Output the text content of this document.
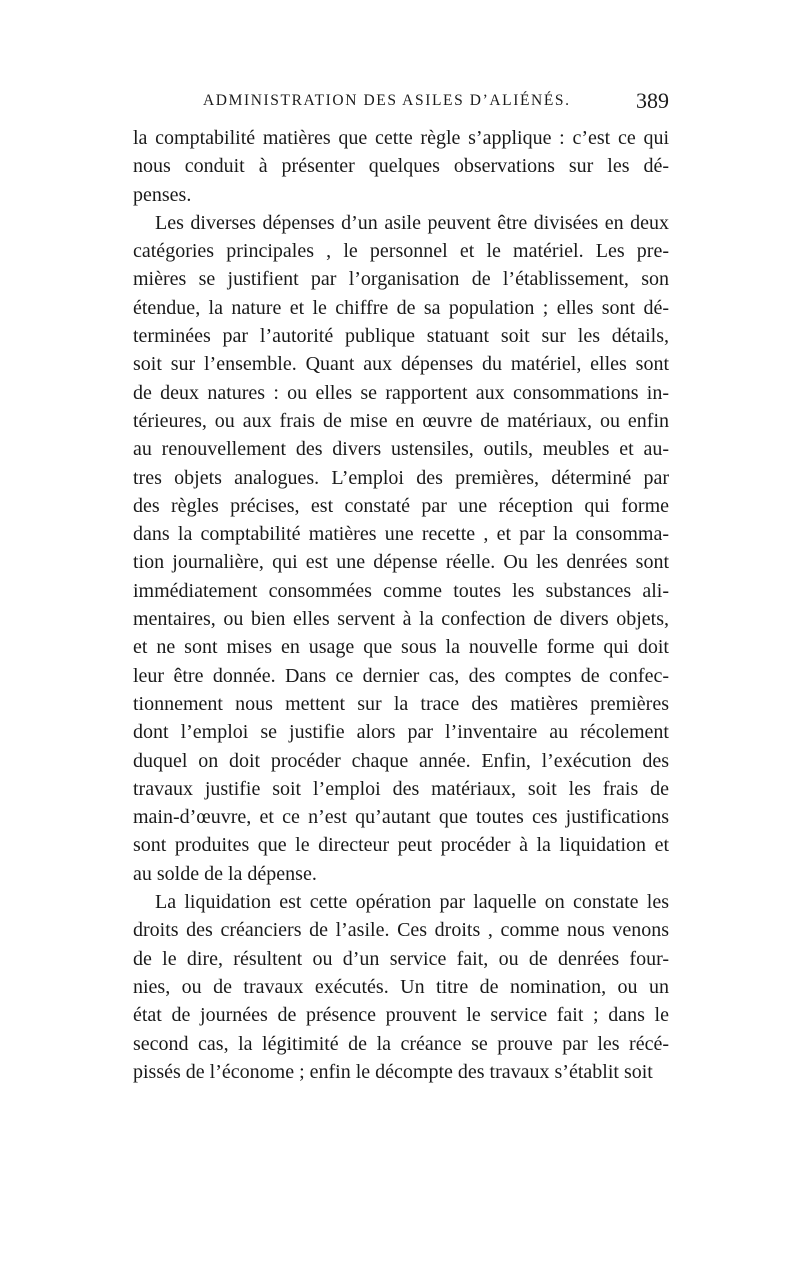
ADMINISTRATION DES ASILES D’ALIÉNÉS.	389
la comptabilité matières que cette règle s’applique : c’est ce qui
nous conduit à présenter quelques observations sur les dé-
penses.
Les diverses dépenses d’un asile peuvent être divisées en deux
catégories principales , le personnel et le matériel. Les pre-
mières se justifient par l’organisation de l’établissement, son
étendue, la nature et le chiffre de sa population ; elles sont dé-
terminées par l’autorité publique statuant soit sur les détails,
soit sur l’ensemble. Quant aux dépenses du matériel, elles sont
de deux natures : ou elles se rapportent aux consommations in-
térieures, ou aux frais de mise en œuvre de matériaux, ou enfin
au renouvellement des divers ustensiles, outils, meubles et au-
tres objets analogues. L’emploi des premières, déterminé par
des règles précises, est constaté par une réception qui forme
dans la comptabilité matières une recette , et par la consomma-
tion journalière, qui est une dépense réelle. Ou les denrées sont
immédiatement consommées comme toutes les substances ali-
mentaires, ou bien elles servent à la confection de divers objets,
et ne sont mises en usage que sous la nouvelle forme qui doit
leur être donnée. Dans ce dernier cas, des comptes de confec-
tionnement nous mettent sur la trace des matières premières
dont l’emploi se justifie alors par l’inventaire au récolement
duquel on doit procéder chaque année. Enfin, l’exécution des
travaux justifie soit l’emploi des matériaux, soit les frais de
main-d’œuvre, et ce n’est qu’autant que toutes ces justifications
sont produites que le directeur peut procéder à la liquidation et
au solde de la dépense.
La liquidation est cette opération par laquelle on constate les
droits des créanciers de l’asile. Ces droits , comme nous venons
de le dire, résultent ou d’un service fait, ou de denrées four-
nies, ou de travaux exécutés. Un titre de nomination, ou un
état de journées de présence prouvent le service fait ; dans le
second cas, la légitimité de la créance se prouve par les récé-
pissés de l’économe ; enfin le décompte des travaux s’établit soit
